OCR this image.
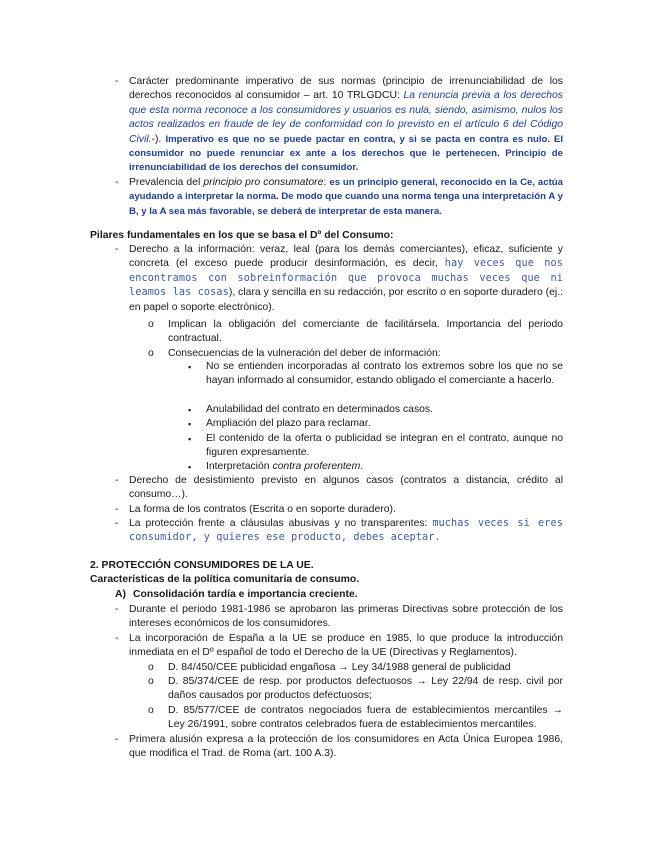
- Carácter predominante imperativo de sus normas (principio de irrenunciabilidad de los derechos reconocidos al consumidor – art. 10 TRLGDCU: La renuncia previa a los derechos que esta norma reconoce a los consumidores y usuarios es nula, siendo, asimismo, nulos los actos realizados en fraude de ley de conformidad con lo previsto en el artículo 6 del Código Civil.-). Imperativo es que no se puede pactar en contra, y si se pacta en contra es nulo. El consumidor no puede renunciar ex ante a los derechos que le pertenecen. Principio de irrenunciabilidad de los derechos del consumidor.
- Prevalencia del principio pro consumatore: es un principio general, reconocido en la Ce, actúa ayudando a interpretar la norma. De modo que cuando una norma tenga una interpretación A y B, y la A sea más favorable, se deberá de interpretar de esta manera.
Pilares fundamentales en los que se basa el Dº del Consumo:
- Derecho a la información: veraz, leal (para los demás comerciantes), eficaz, suficiente y concreta (el exceso puede producir desinformación, es decir, hay veces que nos encontramos con sobreinformación que provoca muchas veces que ni leamos las cosas), clara y sencilla en su redacción, por escrito o en soporte duradero (ej.: en papel o soporte electrónico).
o Implican la obligación del comerciante de facilitársela. Importancia del periodo contractual.
o Consecuencias de la vulneración del deber de información:
▪ No se entienden incorporadas al contrato los extremos sobre los que no se hayan informado al consumidor, estando obligado el comerciante a hacerlo.
▪ Anulabilidad del contrato en determinados casos.
▪ Ampliación del plazo para reclamar.
▪ El contenido de la oferta o publicidad se integran en el contrato, aunque no figuren expresamente.
▪ Interpretación contra proferentem.
- Derecho de desistimiento previsto en algunos casos (contratos a distancia, crédito al consumo…).
- La forma de los contratos (Escrita o en soporte duradero).
- La protección frente a cláusulas abusivas y no transparentes: muchas veces si eres consumidor, y quieres ese producto, debes aceptar.
2. PROTECCIÓN CONSUMIDORES DE LA UE.
Características de la política comunitaria de consumo.
A) Consolidación tardía e importancia creciente.
- Durante el periodo 1981-1986 se aprobaron las primeras Directivas sobre protección de los intereses económicos de los consumidores.
- La incorporación de España a la UE se produce en 1985, lo que produce la introducción inmediata en el Dº español de todo el Derecho de la UE (Directivas y Reglamentos).
o D. 84/450/CEE publicidad engañosa → Ley 34/1988 general de publicidad
o D. 85/374/CEE de resp. por productos defectuosos → Ley 22/94 de resp. civil por daños causados por productos defectuosos;
o D. 85/577/CEE de contratos negociados fuera de establecimientos mercantiles → Ley 26/1991, sobre contratos celebrados fuera de establecimientos mercantiles.
- Primera alusión expresa a la protección de los consumidores en Acta Única Europea 1986, que modifica el Trad. de Roma (art. 100 A.3).
